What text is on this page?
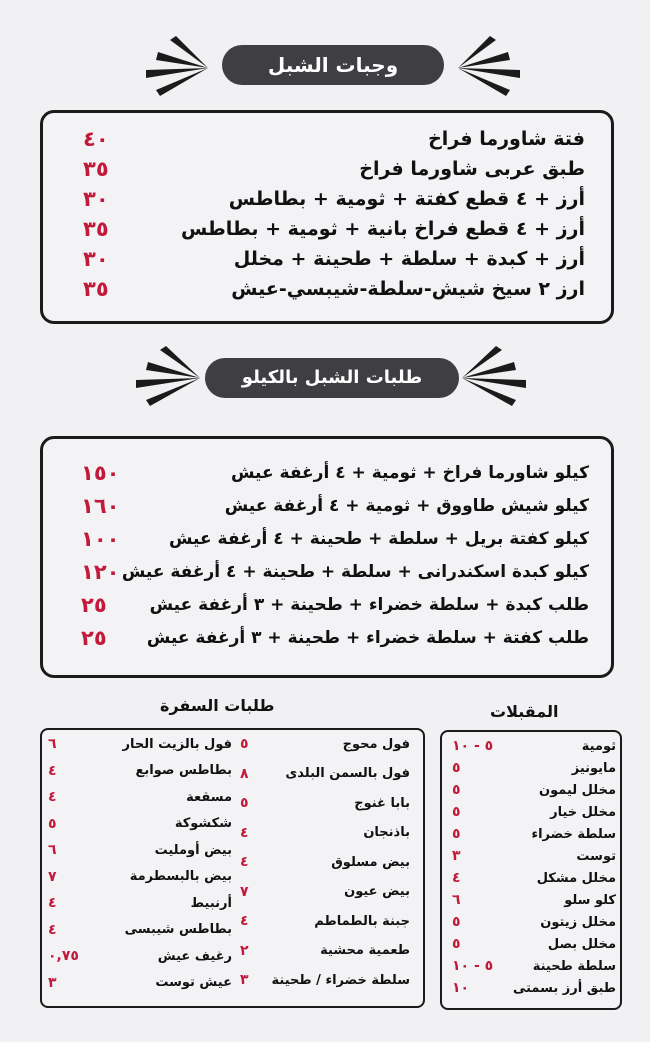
وجبات الشبل
فتة شاورما فراخ
٤٠
طبق عربى شاورما فراخ
٣٥
أرز + ٤ قطع كفتة + ثومية + بطاطس
٣٠
أرز + ٤ قطع فراخ بانية + ثومية + بطاطس
٣٥
أرز + كبدة + سلطة + طحينة + مخلل
٣٠
ارز ٢ سيخ شيش-سلطة-شيبسي-عيش
٣٥
طلبات الشبل بالكيلو
كيلو شاورما فراخ + ثومية + ٤ أرغفة عيش
١٥٠
كيلو شيش طاووق + ثومية + ٤ أرغفة عيش
١٦٠
كيلو كفتة بريل + سلطة + طحينة + ٤ أرغفة عيش
١٠٠
كيلو كبدة اسكندرانى + سلطة + طحينة + ٤ أرغفة عيش
١٢٠
طلب كبدة + سلطة خضراء + طحينة + ٣ أرغفة عيش
٢٥
طلب كفتة + سلطة خضراء + طحينة + ٣ أرغفة عيش
٢٥
طلبات السفرة	المقبلات
فول محوج
٥
فول بالسمن البلدى
٨
بابا غنوج
٥
باذنجان
٤
بيض مسلوق
٤
بيض عيون
٧
جبنة بالطماطم
٤
طعمية محشية
٢
سلطة خضراء / طحينة
٣
فول بالزيت الحار
٦
بطاطس صوابع
٤
مسقعة
٤
شكشوكة
٥
بيض أومليت
٦
بيض بالبسطرمة
٧
أرنبيط
٤
بطاطس شيبسى
٤
رغيف عيش
٠,٧٥
عيش توست
٣
ثومية
٥ - ١٠
مايونيز
٥
مخلل ليمون
٥
مخلل خيار
٥
سلطة خضراء
٥
توست
٣
مخلل مشكل
٤
كلو سلو
٦
مخلل زيتون
٥
مخلل بصل
٥
سلطة طحينة
٥ - ١٠
طبق أرز بسمتى
١٠
